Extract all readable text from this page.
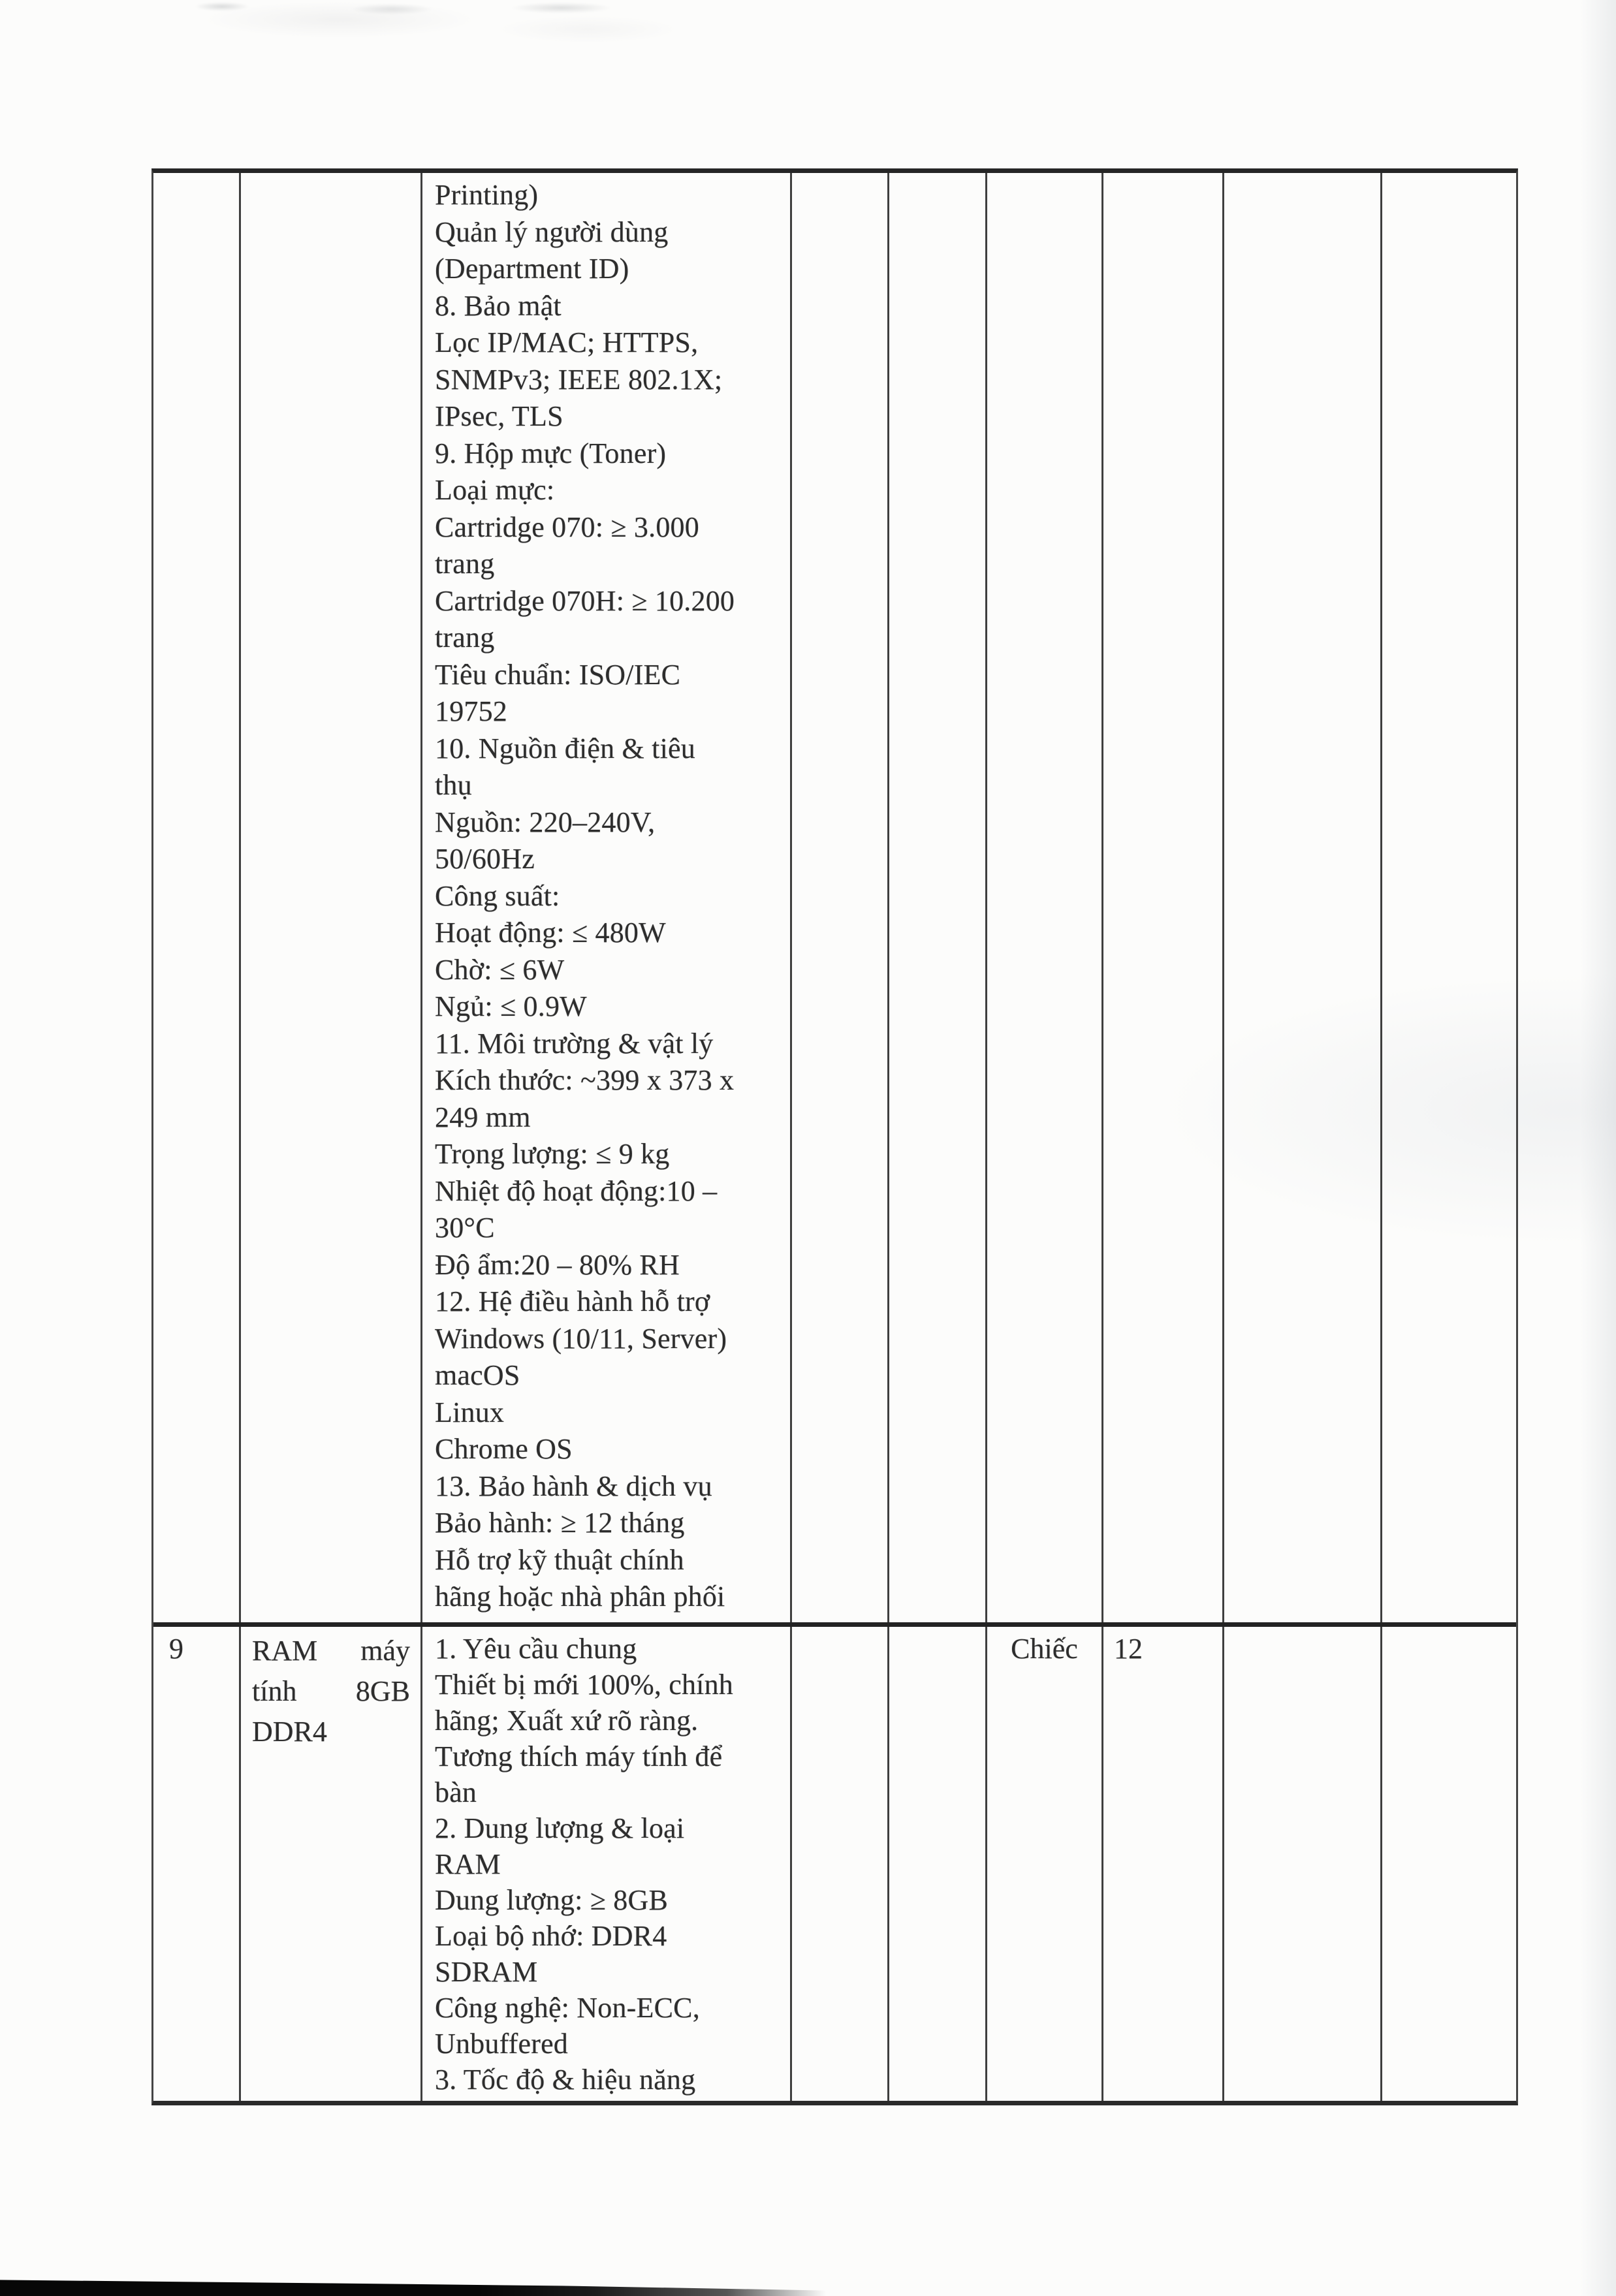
Printing)
Quản lý người dùng
(Department ID)
8. Bảo mật
Lọc IP/MAC; HTTPS,
SNMPv3; IEEE 802.1X;
IPsec, TLS
9. Hộp mực (Toner)
Loại mực:
Cartridge 070: ≥ 3.000
trang
Cartridge 070H: ≥ 10.200
trang
Tiêu chuẩn: ISO/IEC
19752
10. Nguồn điện & tiêu
thụ
Nguồn: 220–240V,
50/60Hz
Công suất:
Hoạt động: ≤ 480W
Chờ: ≤ 6W
Ngủ: ≤ 0.9W
11. Môi trường & vật lý
Kích thước: ~399 x 373 x
249 mm
Trọng lượng: ≤ 9 kg
Nhiệt độ hoạt động:10 –
30°C
Độ ẩm:20 – 80% RH
12. Hệ điều hành hỗ trợ
Windows (10/11, Server)
macOS
Linux
Chrome OS
13. Bảo hành & dịch vụ
Bảo hành: ≥ 12 tháng
Hỗ trợ kỹ thuật chính
hãng hoặc nhà phân phối
9	RAM máy
tính 8GB
DDR4
1. Yêu cầu chung
Thiết bị mới 100%, chính
hãng; Xuất xứ rõ ràng.
Tương thích máy tính để
bàn
2. Dung lượng & loại
RAM
Dung lượng: ≥ 8GB
Loại bộ nhớ: DDR4
SDRAM
Công nghệ: Non-ECC,
Unbuffered
3. Tốc độ & hiệu năng
Chiếc	12
